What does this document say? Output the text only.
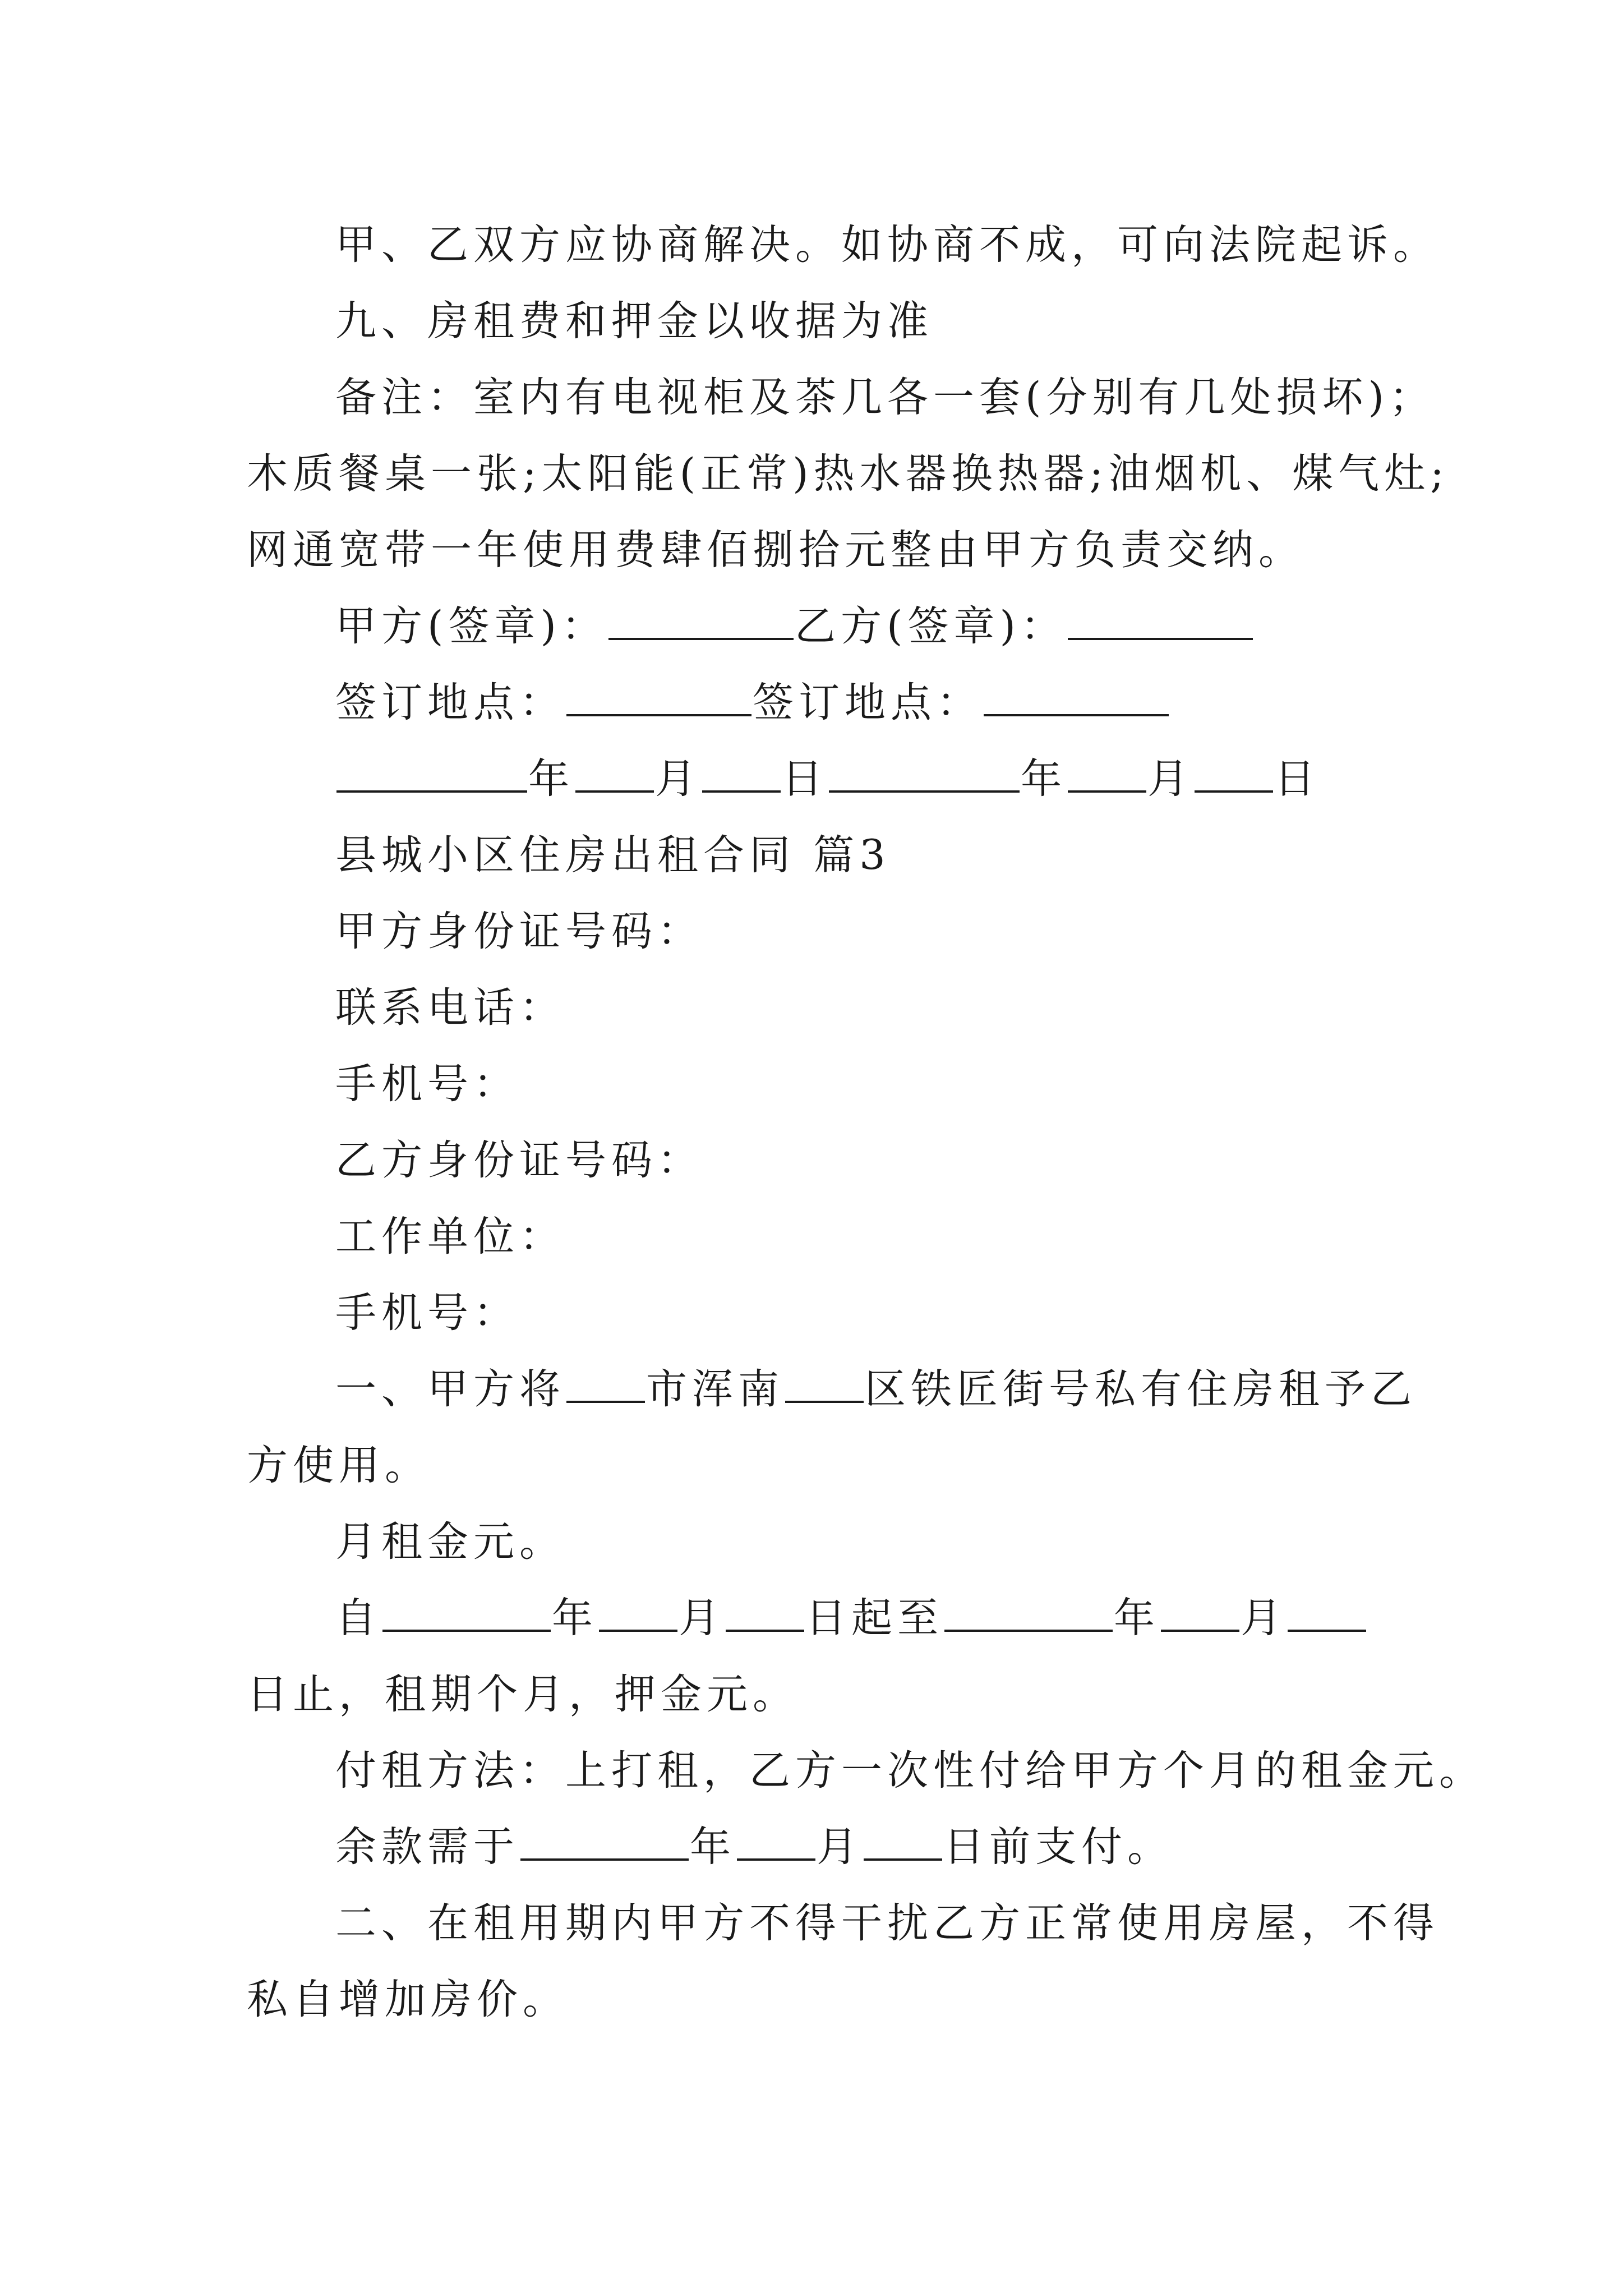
甲、乙双方应协商解决。如协商不成，可向法院起诉。
九、房租费和押金以收据为准
备注：室内有电视柜及茶几各一套(分别有几处损坏)；
木质餐桌一张;太阳能(正常)热水器换热器;油烟机、煤气灶;
网通宽带一年使用费肆佰捌拾元整由甲方负责交纳。
甲方(签章)：	乙方(签章)：
签订地点：	签订地点：
年 月 日	年 月 日
县城小区住房出租合同 篇3
甲方身份证号码：
联系电话：
手机号：
乙方身份证号码：
工作单位：
手机号：
一、甲方将 市浑南 区铁匠街号私有住房租予乙
方使用。
月租金元。
自	年 月 日起至	年 月
日止，租期个月，押金元。
付租方法：上打租，乙方一次性付给甲方个月的租金元。
余款需于	年 月 日前支付。
二、在租用期内甲方不得干扰乙方正常使用房屋，不得
私自增加房价。
